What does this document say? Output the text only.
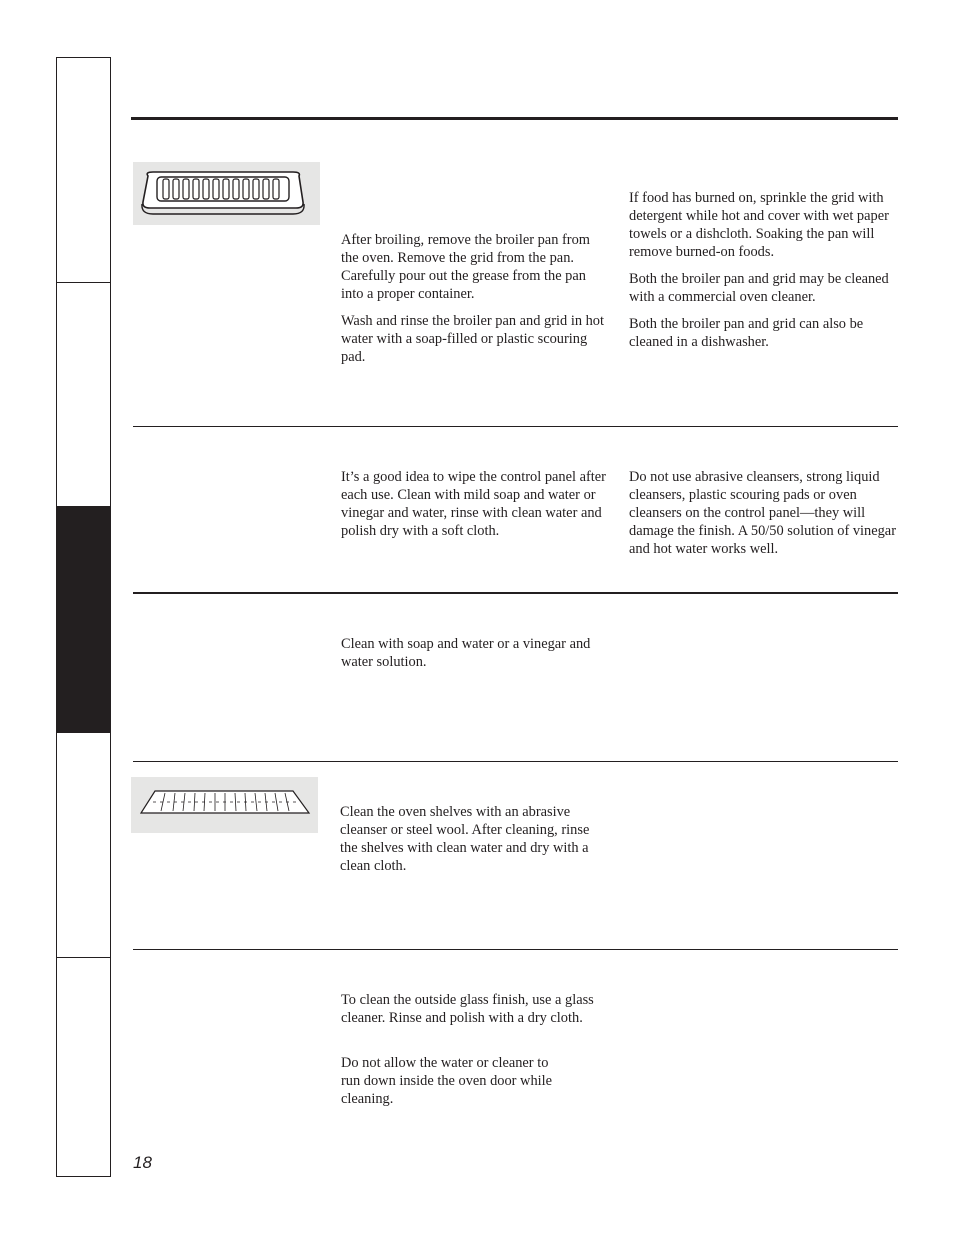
After broiling, remove the broiler pan from the oven. Remove the grid from the pan. Carefully pour out the grease from the pan into a proper container.

Wash and rinse the broiler pan and grid in hot water with a soap-filled or plastic scouring pad.

If food has burned on, sprinkle the grid with detergent while hot and cover with wet paper towels or a dishcloth. Soaking the pan will remove burned-on foods.

Both the broiler pan and grid may be cleaned with a commercial oven cleaner.

Both the broiler pan and grid can also be cleaned in a dishwasher.

It’s a good idea to wipe the control panel after each use. Clean with mild soap and water or vinegar and water, rinse with clean water and polish dry with a soft cloth.

Do not use abrasive cleansers, strong liquid cleansers, plastic scouring pads or oven cleansers on the control panel—they will damage the finish. A 50/50 solution of vinegar and hot water works well.

Clean with soap and water or a vinegar and water solution.

Clean the oven shelves with an abrasive cleanser or steel wool. After cleaning, rinse the shelves with clean water and dry with a clean cloth.

To clean the outside glass finish, use a glass cleaner. Rinse and polish with a dry cloth.

Do not allow the water or cleaner to run down inside the oven door while cleaning.

18
